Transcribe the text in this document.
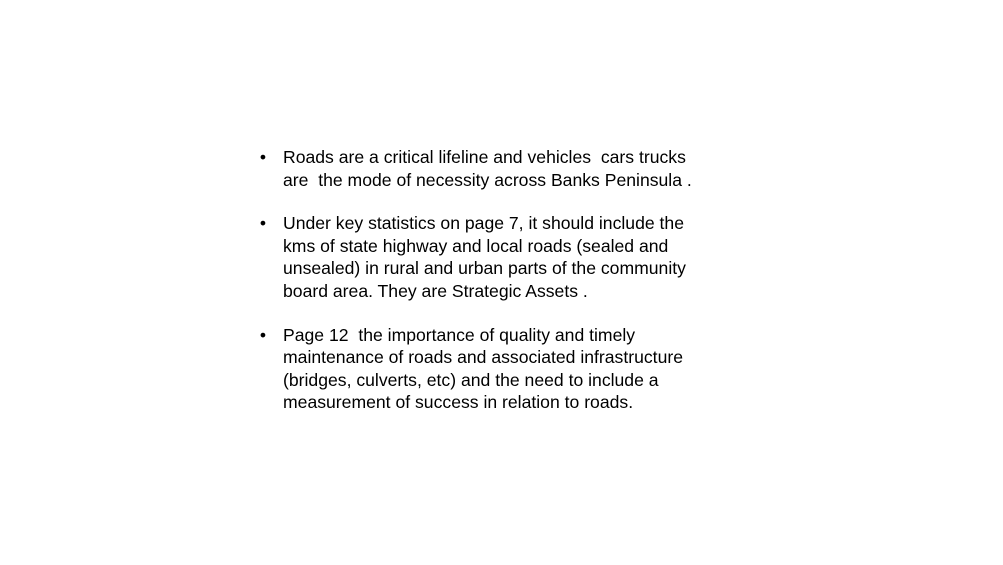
• Roads are a critical lifeline and vehicles  cars trucks
are  the mode of necessity across Banks Peninsula .
• Under key statistics on page 7, it should include the
kms of state highway and local roads (sealed and
unsealed) in rural and urban parts of the community
board area. They are Strategic Assets .
• Page 12  the importance of quality and timely
maintenance of roads and associated infrastructure
(bridges, culverts, etc) and the need to include a
measurement of success in relation to roads.
